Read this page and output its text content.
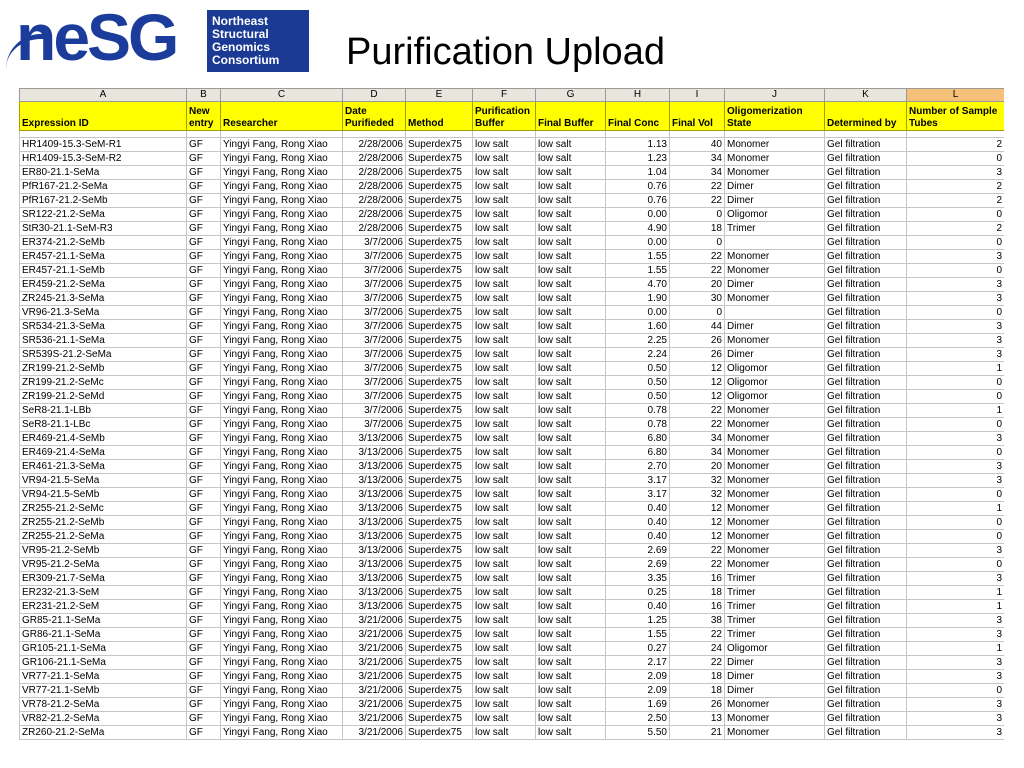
neSG	Northeast
Structural
Genomics
Consortium	Purification Upload
A	B	C	D	E	F	G	H	I	J	K	L
Expression ID	New entry	Researcher	Date Purifieded	Method	Purification Buffer	Final Buffer	Final Conc	Final Vol	Oligomerization State	Determined by	Number of Sample Tubes

HR1409-15.3-SeM-R1	GF	Yingyi Fang, Rong Xiao	2/28/2006	Superdex75	low salt	low salt	1.13	40	Monomer	Gel filtration	2
HR1409-15.3-SeM-R2	GF	Yingyi Fang, Rong Xiao	2/28/2006	Superdex75	low salt	low salt	1.23	34	Monomer	Gel filtration	0
ER80-21.1-SeMa	GF	Yingyi Fang, Rong Xiao	2/28/2006	Superdex75	low salt	low salt	1.04	34	Monomer	Gel filtration	3
PfR167-21.2-SeMa	GF	Yingyi Fang, Rong Xiao	2/28/2006	Superdex75	low salt	low salt	0.76	22	Dimer	Gel filtration	2
PfR167-21.2-SeMb	GF	Yingyi Fang, Rong Xiao	2/28/2006	Superdex75	low salt	low salt	0.76	22	Dimer	Gel filtration	2
SR122-21.2-SeMa	GF	Yingyi Fang, Rong Xiao	2/28/2006	Superdex75	low salt	low salt	0.00	0	Oligomor	Gel filtration	0
StR30-21.1-SeM-R3	GF	Yingyi Fang, Rong Xiao	2/28/2006	Superdex75	low salt	low salt	4.90	18	Trimer	Gel filtration	2
ER374-21.2-SeMb	GF	Yingyi Fang, Rong Xiao	3/7/2006	Superdex75	low salt	low salt	0.00	0		Gel filtration	0
ER457-21.1-SeMa	GF	Yingyi Fang, Rong Xiao	3/7/2006	Superdex75	low salt	low salt	1.55	22	Monomer	Gel filtration	3
ER457-21.1-SeMb	GF	Yingyi Fang, Rong Xiao	3/7/2006	Superdex75	low salt	low salt	1.55	22	Monomer	Gel filtration	0
ER459-21.2-SeMa	GF	Yingyi Fang, Rong Xiao	3/7/2006	Superdex75	low salt	low salt	4.70	20	Dimer	Gel filtration	3
ZR245-21.3-SeMa	GF	Yingyi Fang, Rong Xiao	3/7/2006	Superdex75	low salt	low salt	1.90	30	Monomer	Gel filtration	3
VR96-21.3-SeMa	GF	Yingyi Fang, Rong Xiao	3/7/2006	Superdex75	low salt	low salt	0.00	0		Gel filtration	0
SR534-21.3-SeMa	GF	Yingyi Fang, Rong Xiao	3/7/2006	Superdex75	low salt	low salt	1.60	44	Dimer	Gel filtration	3
SR536-21.1-SeMa	GF	Yingyi Fang, Rong Xiao	3/7/2006	Superdex75	low salt	low salt	2.25	26	Monomer	Gel filtration	3
SR539S-21.2-SeMa	GF	Yingyi Fang, Rong Xiao	3/7/2006	Superdex75	low salt	low salt	2.24	26	Dimer	Gel filtration	3
ZR199-21.2-SeMb	GF	Yingyi Fang, Rong Xiao	3/7/2006	Superdex75	low salt	low salt	0.50	12	Oligomor	Gel filtration	1
ZR199-21.2-SeMc	GF	Yingyi Fang, Rong Xiao	3/7/2006	Superdex75	low salt	low salt	0.50	12	Oligomor	Gel filtration	0
ZR199-21.2-SeMd	GF	Yingyi Fang, Rong Xiao	3/7/2006	Superdex75	low salt	low salt	0.50	12	Oligomor	Gel filtration	0
SeR8-21.1-LBb	GF	Yingyi Fang, Rong Xiao	3/7/2006	Superdex75	low salt	low salt	0.78	22	Monomer	Gel filtration	1
SeR8-21.1-LBc	GF	Yingyi Fang, Rong Xiao	3/7/2006	Superdex75	low salt	low salt	0.78	22	Monomer	Gel filtration	0
ER469-21.4-SeMb	GF	Yingyi Fang, Rong Xiao	3/13/2006	Superdex75	low salt	low salt	6.80	34	Monomer	Gel filtration	3
ER469-21.4-SeMa	GF	Yingyi Fang, Rong Xiao	3/13/2006	Superdex75	low salt	low salt	6.80	34	Monomer	Gel filtration	0
ER461-21.3-SeMa	GF	Yingyi Fang, Rong Xiao	3/13/2006	Superdex75	low salt	low salt	2.70	20	Monomer	Gel filtration	3
VR94-21.5-SeMa	GF	Yingyi Fang, Rong Xiao	3/13/2006	Superdex75	low salt	low salt	3.17	32	Monomer	Gel filtration	3
VR94-21.5-SeMb	GF	Yingyi Fang, Rong Xiao	3/13/2006	Superdex75	low salt	low salt	3.17	32	Monomer	Gel filtration	0
ZR255-21.2-SeMc	GF	Yingyi Fang, Rong Xiao	3/13/2006	Superdex75	low salt	low salt	0.40	12	Monomer	Gel filtration	1
ZR255-21.2-SeMb	GF	Yingyi Fang, Rong Xiao	3/13/2006	Superdex75	low salt	low salt	0.40	12	Monomer	Gel filtration	0
ZR255-21.2-SeMa	GF	Yingyi Fang, Rong Xiao	3/13/2006	Superdex75	low salt	low salt	0.40	12	Monomer	Gel filtration	0
VR95-21.2-SeMb	GF	Yingyi Fang, Rong Xiao	3/13/2006	Superdex75	low salt	low salt	2.69	22	Monomer	Gel filtration	3
VR95-21.2-SeMa	GF	Yingyi Fang, Rong Xiao	3/13/2006	Superdex75	low salt	low salt	2.69	22	Monomer	Gel filtration	0
ER309-21.7-SeMa	GF	Yingyi Fang, Rong Xiao	3/13/2006	Superdex75	low salt	low salt	3.35	16	Trimer	Gel filtration	3
ER232-21.3-SeM	GF	Yingyi Fang, Rong Xiao	3/13/2006	Superdex75	low salt	low salt	0.25	18	Trimer	Gel filtration	1
ER231-21.2-SeM	GF	Yingyi Fang, Rong Xiao	3/13/2006	Superdex75	low salt	low salt	0.40	16	Trimer	Gel filtration	1
GR85-21.1-SeMa	GF	Yingyi Fang, Rong Xiao	3/21/2006	Superdex75	low salt	low salt	1.25	38	Trimer	Gel filtration	3
GR86-21.1-SeMa	GF	Yingyi Fang, Rong Xiao	3/21/2006	Superdex75	low salt	low salt	1.55	22	Trimer	Gel filtration	3
GR105-21.1-SeMa	GF	Yingyi Fang, Rong Xiao	3/21/2006	Superdex75	low salt	low salt	0.27	24	Oligomor	Gel filtration	1
GR106-21.1-SeMa	GF	Yingyi Fang, Rong Xiao	3/21/2006	Superdex75	low salt	low salt	2.17	22	Dimer	Gel filtration	3
VR77-21.1-SeMa	GF	Yingyi Fang, Rong Xiao	3/21/2006	Superdex75	low salt	low salt	2.09	18	Dimer	Gel filtration	3
VR77-21.1-SeMb	GF	Yingyi Fang, Rong Xiao	3/21/2006	Superdex75	low salt	low salt	2.09	18	Dimer	Gel filtration	0
VR78-21.2-SeMa	GF	Yingyi Fang, Rong Xiao	3/21/2006	Superdex75	low salt	low salt	1.69	26	Monomer	Gel filtration	3
VR82-21.2-SeMa	GF	Yingyi Fang, Rong Xiao	3/21/2006	Superdex75	low salt	low salt	2.50	13	Monomer	Gel filtration	3
ZR260-21.2-SeMa	GF	Yingyi Fang, Rong Xiao	3/21/2006	Superdex75	low salt	low salt	5.50	21	Monomer	Gel filtration	3
